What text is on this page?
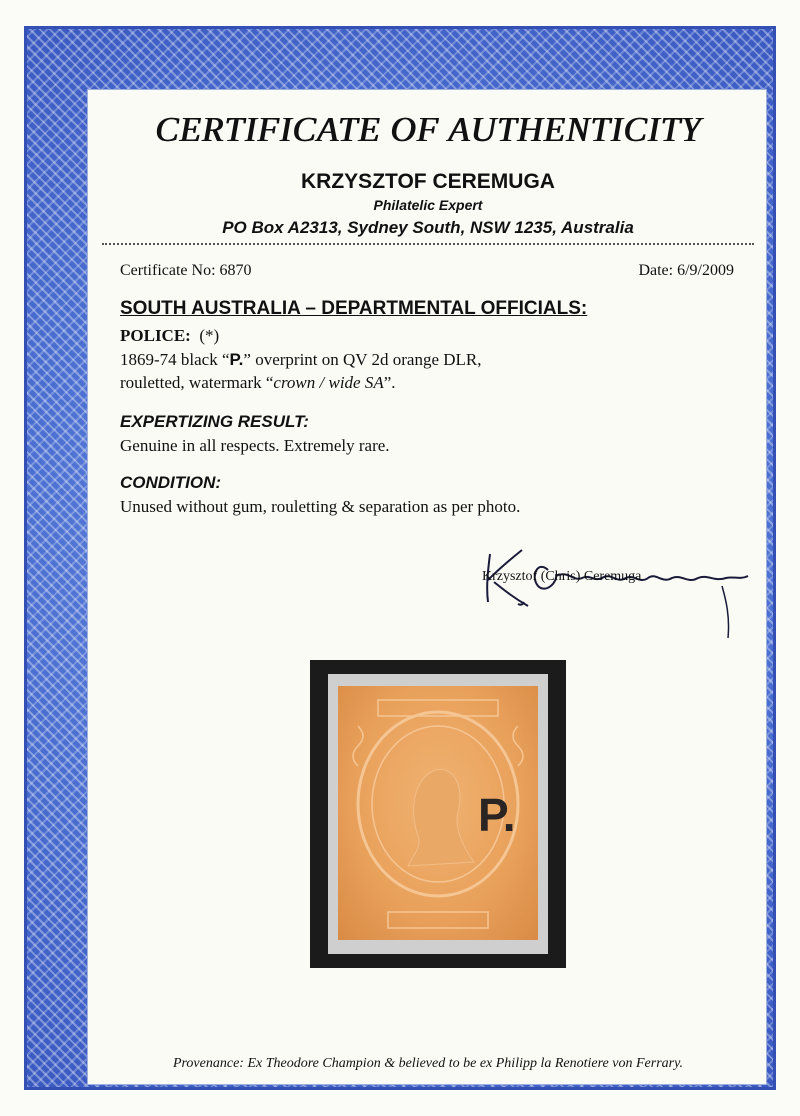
CERTIFICATE OF AUTHENTICITY
KRZYSZTOF CEREMUGA
Philatelic Expert
PO Box A2313, Sydney South, NSW 1235, Australia
Certificate No: 6870	Date: 6/9/2009
SOUTH AUSTRALIA – DEPARTMENTAL OFFICIALS:
POLICE: (*)
1869-74 black “P.” overprint on QV 2d orange DLR,
rouletted, watermark “crown / wide SA”.
EXPERTIZING RESULT:
Genuine in all respects. Extremely rare.
CONDITION:
Unused without gum, rouletting & separation as per photo.
Krzysztof (Chris) Ceremuga
P.
Provenance: Ex Theodore Champion & believed to be ex Philipp la Renotiere von Ferrary.
